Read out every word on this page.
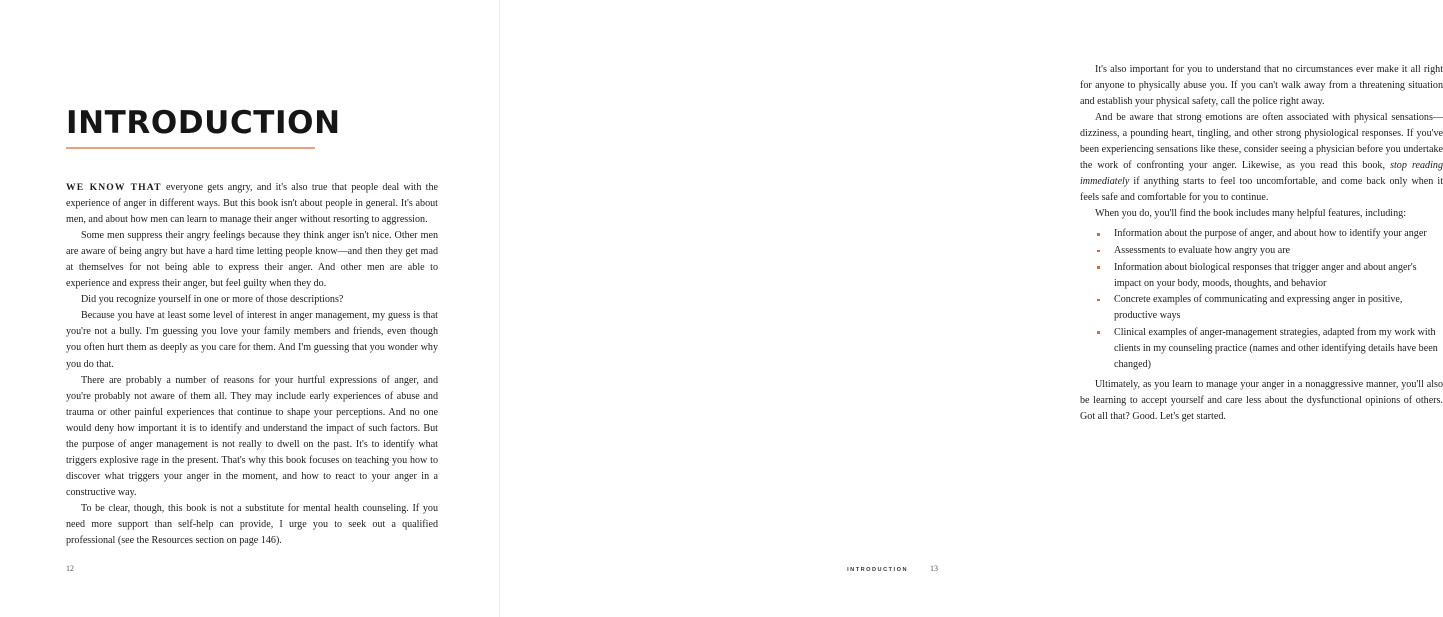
INTRODUCTION

WE KNOW THAT everyone gets angry, and it's also true that people deal with the experience of anger in different ways. But this book isn't about people in general. It's about men, and about how men can learn to manage their anger without resorting to aggression.

Some men suppress their angry feelings because they think anger isn't nice. Other men are aware of being angry but have a hard time letting people know—and then they get mad at themselves for not being able to express their anger. And other men are able to experience and express their anger, but feel guilty when they do.

Did you recognize yourself in one or more of those descriptions?

Because you have at least some level of interest in anger management, my guess is that you're not a bully. I'm guessing you love your family members and friends, even though you often hurt them as deeply as you care for them. And I'm guessing that you wonder why you do that.

There are probably a number of reasons for your hurtful expressions of anger, and you're probably not aware of them all. They may include early experiences of abuse and trauma or other painful experiences that continue to shape your perceptions. And no one would deny how important it is to identify and understand the impact of such factors. But the purpose of anger management is not really to dwell on the past. It's to identify what triggers explosive rage in the present. That's why this book focuses on teaching you how to discover what triggers your anger in the moment, and how to react to your anger in a constructive way.

To be clear, though, this book is not a substitute for mental health counseling. If you need more support than self-help can provide, I urge you to seek out a qualified professional (see the Resources section on page 146).

12

It's also important for you to understand that no circumstances ever make it all right for anyone to physically abuse you. If you can't walk away from a threatening situation and establish your physical safety, call the police right away.

And be aware that strong emotions are often associated with physical sensations—dizziness, a pounding heart, tingling, and other strong physiological responses. If you've been experiencing sensations like these, consider seeing a physician before you undertake the work of confronting your anger. Likewise, as you read this book, stop reading immediately if anything starts to feel too uncomfortable, and come back only when it feels safe and comfortable for you to continue.

When you do, you'll find the book includes many helpful features, including:

Information about the purpose of anger, and about how to identify your anger
Assessments to evaluate how angry you are
Information about biological responses that trigger anger and about anger's impact on your body, moods, thoughts, and behavior
Concrete examples of communicating and expressing anger in positive, productive ways
Clinical examples of anger-management strategies, adapted from my work with clients in my counseling practice (names and other identifying details have been changed)

Ultimately, as you learn to manage your anger in a nonaggressive manner, you'll also be learning to accept yourself and care less about the dysfunctional opinions of others. Got all that? Good. Let's get started.

INTRODUCTION	13
